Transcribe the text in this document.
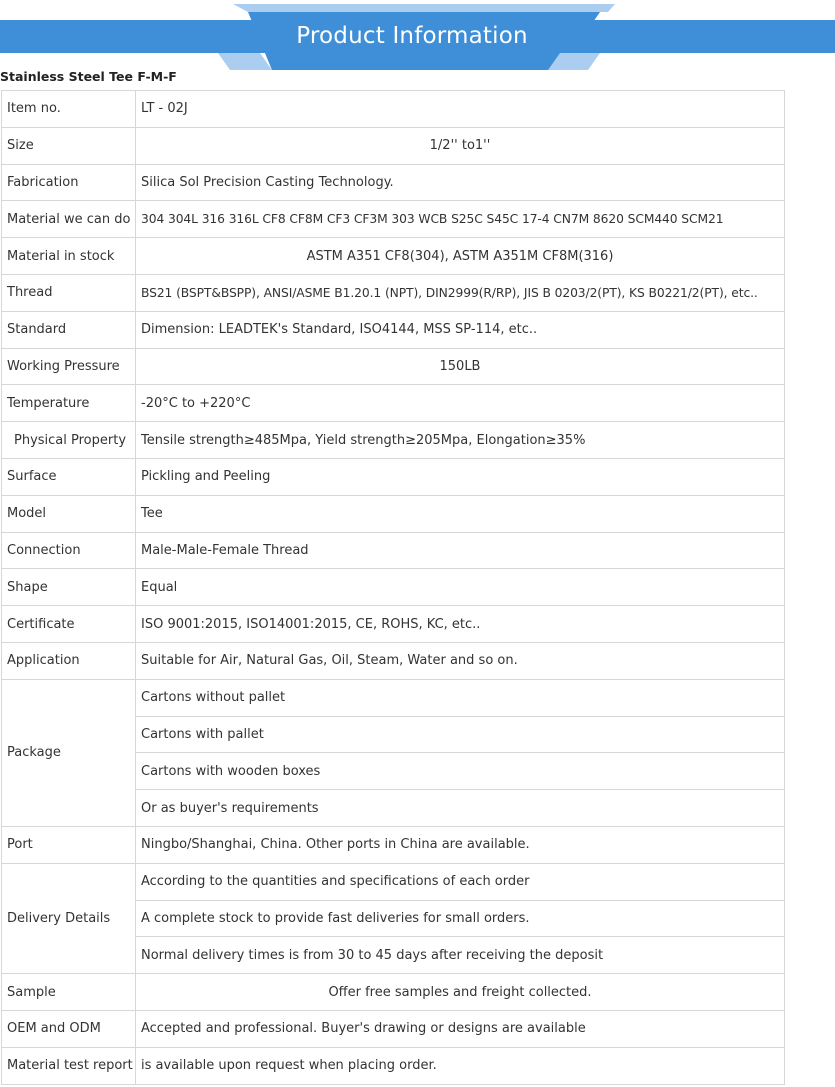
Product Information
Stainless Steel Tee F-M-F
Item no.	LT - 02J
Size	1/2'' to1''
Fabrication	Silica Sol Precision Casting Technology.
Material we can do	304 304L 316 316L CF8 CF8M CF3 CF3M 303 WCB S25C S45C 17-4 CN7M 8620 SCM440 SCM21
Material in stock	ASTM A351 CF8(304), ASTM A351M CF8M(316)
Thread	BS21 (BSPT&BSPP), ANSI/ASME B1.20.1 (NPT), DIN2999(R/RP), JIS B 0203/2(PT), KS B0221/2(PT), etc..
Standard	Dimension: LEADTEK's Standard, ISO4144, MSS SP-114, etc..
Working Pressure	150LB
Temperature	-20°C to +220°C
Physical Property	Tensile strength≥485Mpa, Yield strength≥205Mpa, Elongation≥35%
Surface	Pickling and Peeling
Model	Tee
Connection	Male-Male-Female Thread
Shape	Equal
Certificate	ISO 9001:2015, ISO14001:2015, CE, ROHS, KC, etc..
Application	Suitable for Air, Natural Gas, Oil, Steam, Water and so on.
Package	Cartons without pallet
	Cartons with pallet
	Cartons with wooden boxes
	Or as buyer's requirements
Port	Ningbo/Shanghai, China. Other ports in China are available.
Delivery Details	According to the quantities and specifications of each order
	A complete stock to provide fast deliveries for small orders.
	Normal delivery times is from 30 to 45 days after receiving the deposit
Sample	Offer free samples and freight collected.
OEM and ODM	Accepted and professional. Buyer's drawing or designs are available
Material test report	is available upon request when placing order.
